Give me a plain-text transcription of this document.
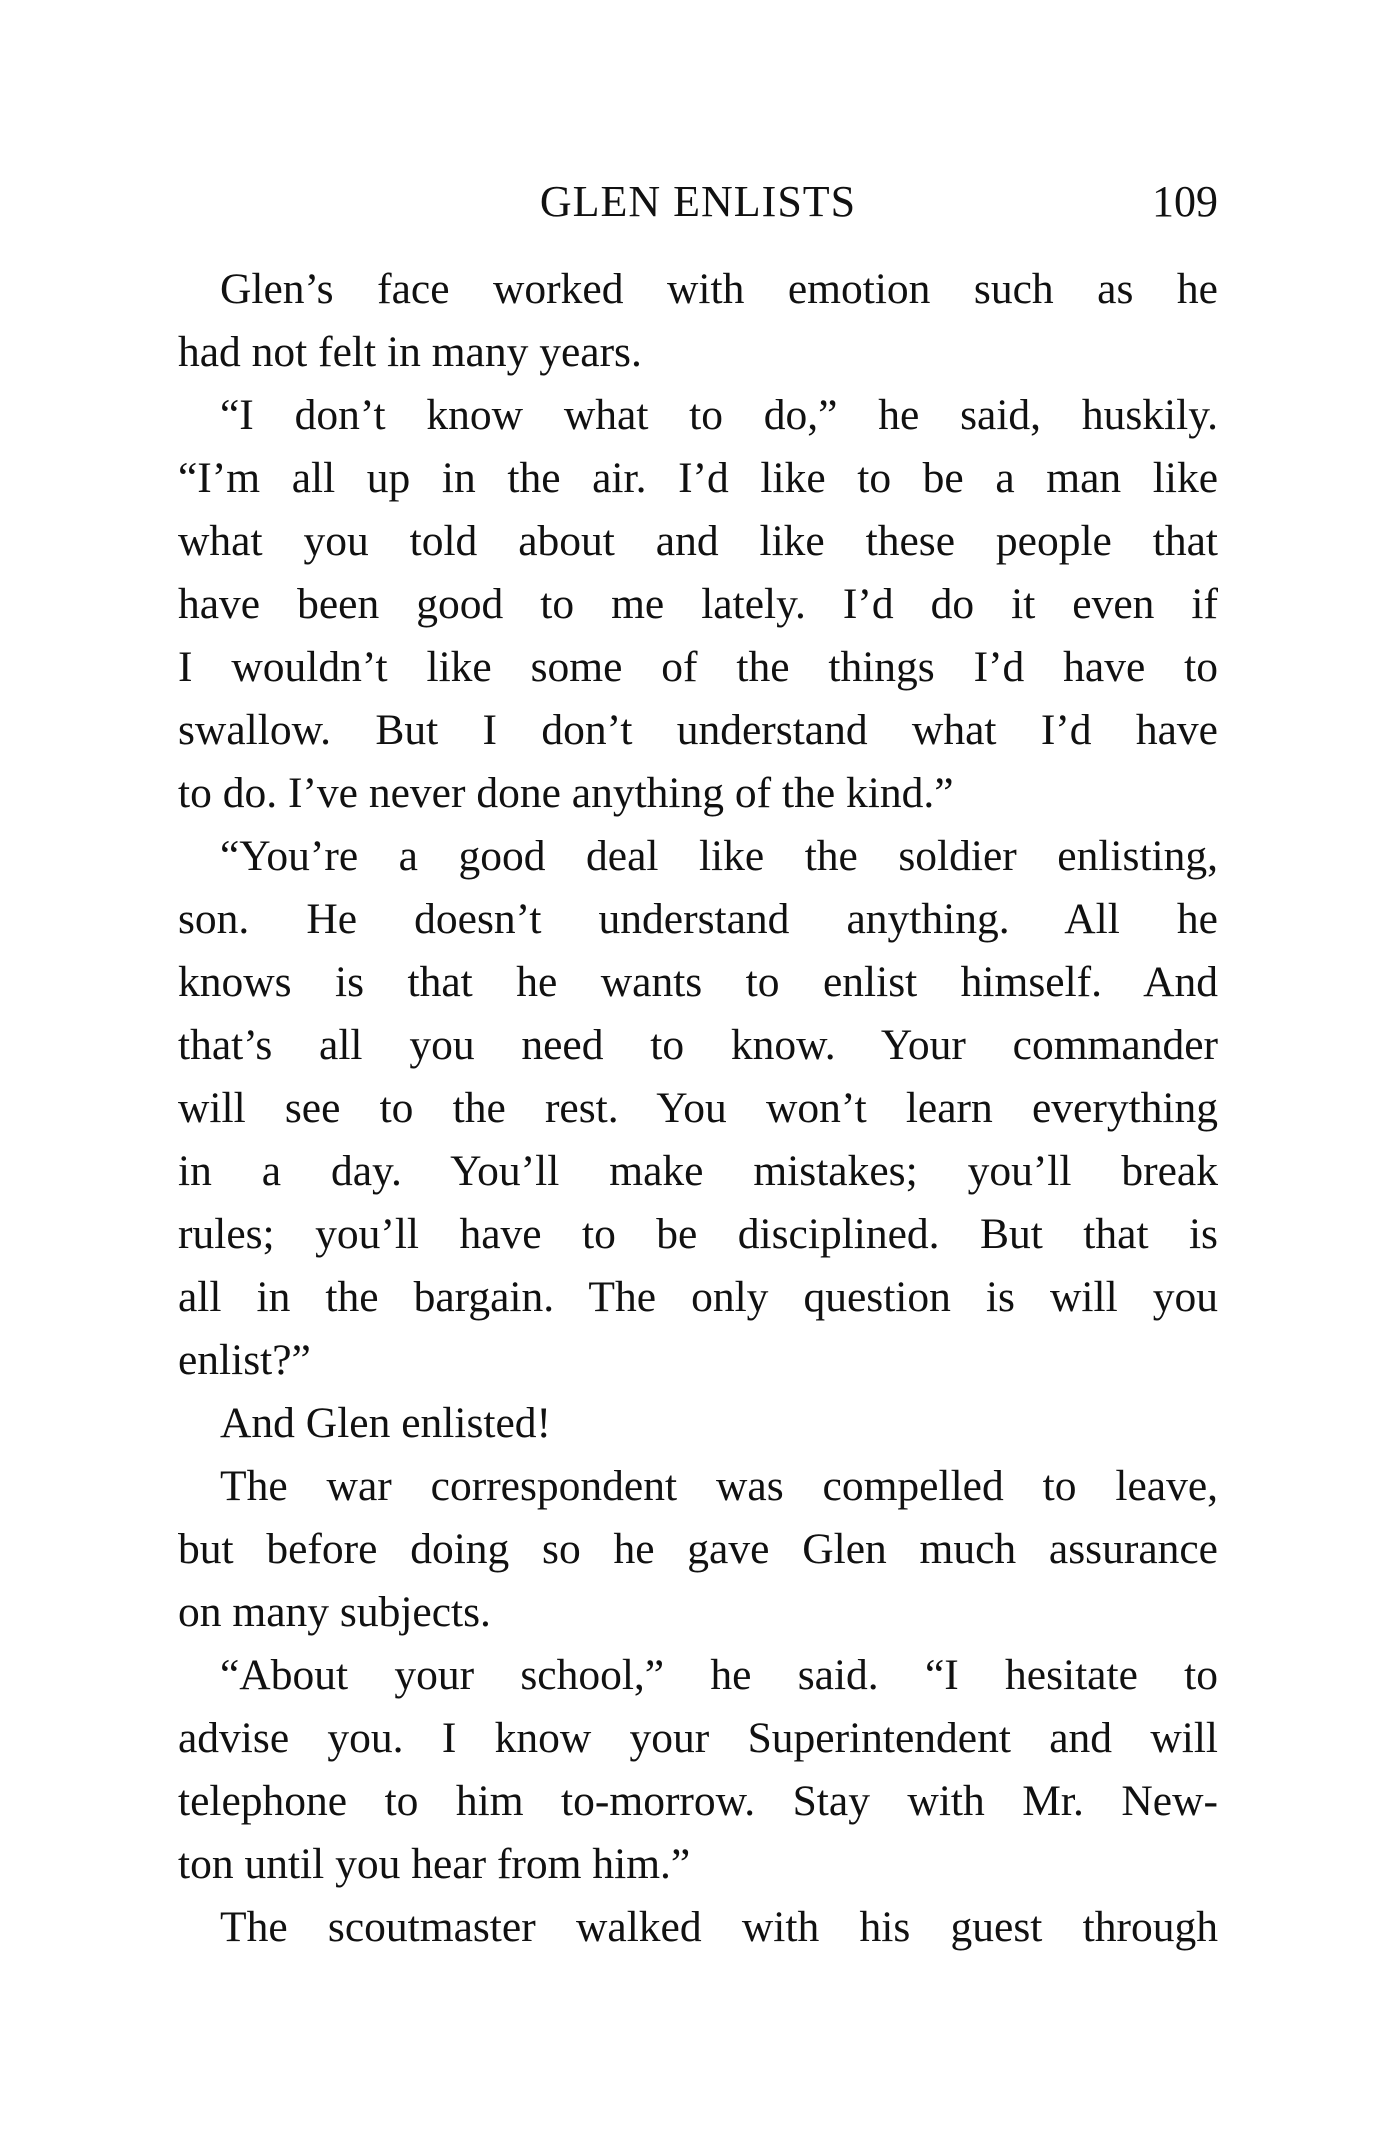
GLEN ENLISTS	109
Glen’s face worked with emotion such as he
had not felt in many years.
“I don’t know what to do,” he said, huskily.
“I’m all up in the air. I’d like to be a man like
what you told about and like these people that
have been good to me lately. I’d do it even if
I wouldn’t like some of the things I’d have to
swallow. But I don’t understand what I’d have
to do. I’ve never done anything of the kind.”
“You’re a good deal like the soldier enlisting,
son. He doesn’t understand anything. All he
knows is that he wants to enlist himself. And
that’s all you need to know. Your commander
will see to the rest. You won’t learn everything
in a day. You’ll make mistakes; you’ll break
rules; you’ll have to be disciplined. But that is
all in the bargain. The only question is will you
enlist?”
And Glen enlisted!
The war correspondent was compelled to leave,
but before doing so he gave Glen much assurance
on many subjects.
“About your school,” he said. “I hesitate to
advise you. I know your Superintendent and will
telephone to him to-morrow. Stay with Mr. New-
ton until you hear from him.”
The scoutmaster walked with his guest through
